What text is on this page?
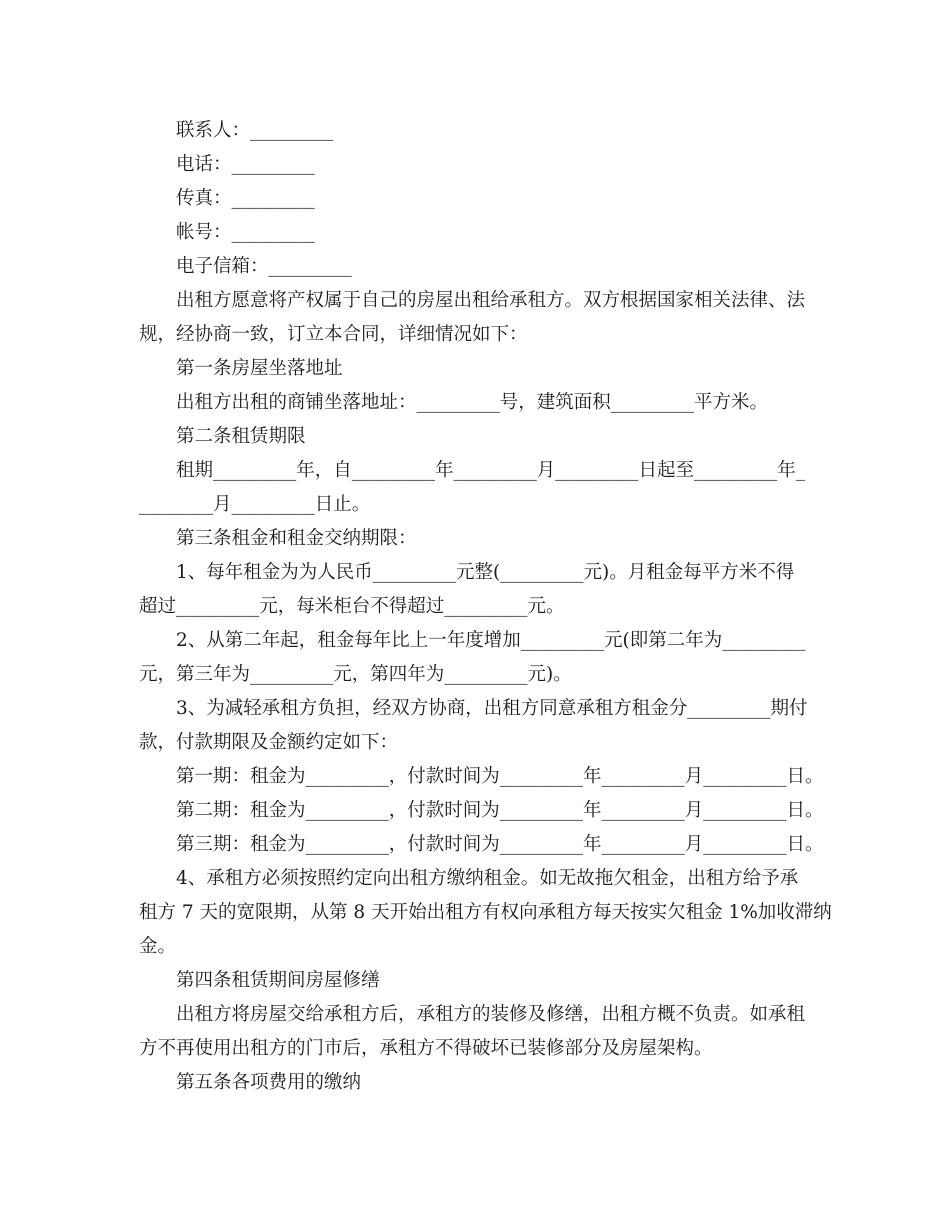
　　联系人：_________
　　电话：_________
　　传真：_________
　　帐号：_________
　　电子信箱：_________
　　出租方愿意将产权属于自己的房屋出租给承租方。双方根据国家相关法律、法
规，经协商一致，订立本合同，详细情况如下：
　　第一条房屋坐落地址
　　出租方出租的商铺坐落地址：_________号，建筑面积_________平方米。
　　第二条租赁期限
　　租期_________年，自_________年_________月_________日起至_________年_
________月_________日止。
　　第三条租金和租金交纳期限：
　　1、每年租金为为人民币_________元整(_________元)。月租金每平方米不得
超过_________元，每米柜台不得超过_________元。
　　2、从第二年起，租金每年比上一年度增加_________元(即第二年为_________
元，第三年为_________元，第四年为_________元)。
　　3、为减轻承租方负担，经双方协商，出租方同意承租方租金分_________期付
款，付款期限及金额约定如下：
　　第一期：租金为_________，付款时间为_________年_________月_________日。
　　第二期：租金为_________，付款时间为_________年_________月_________日。
　　第三期：租金为_________，付款时间为_________年_________月_________日。
　　4、承租方必须按照约定向出租方缴纳租金。如无故拖欠租金，出租方给予承
租方 7 天的宽限期，从第 8 天开始出租方有权向承租方每天按实欠租金 1%加收滞纳
金。
　　第四条租赁期间房屋修缮
　　出租方将房屋交给承租方后，承租方的装修及修缮，出租方概不负责。如承租
方不再使用出租方的门市后，承租方不得破坏已装修部分及房屋架构。
　　第五条各项费用的缴纳
